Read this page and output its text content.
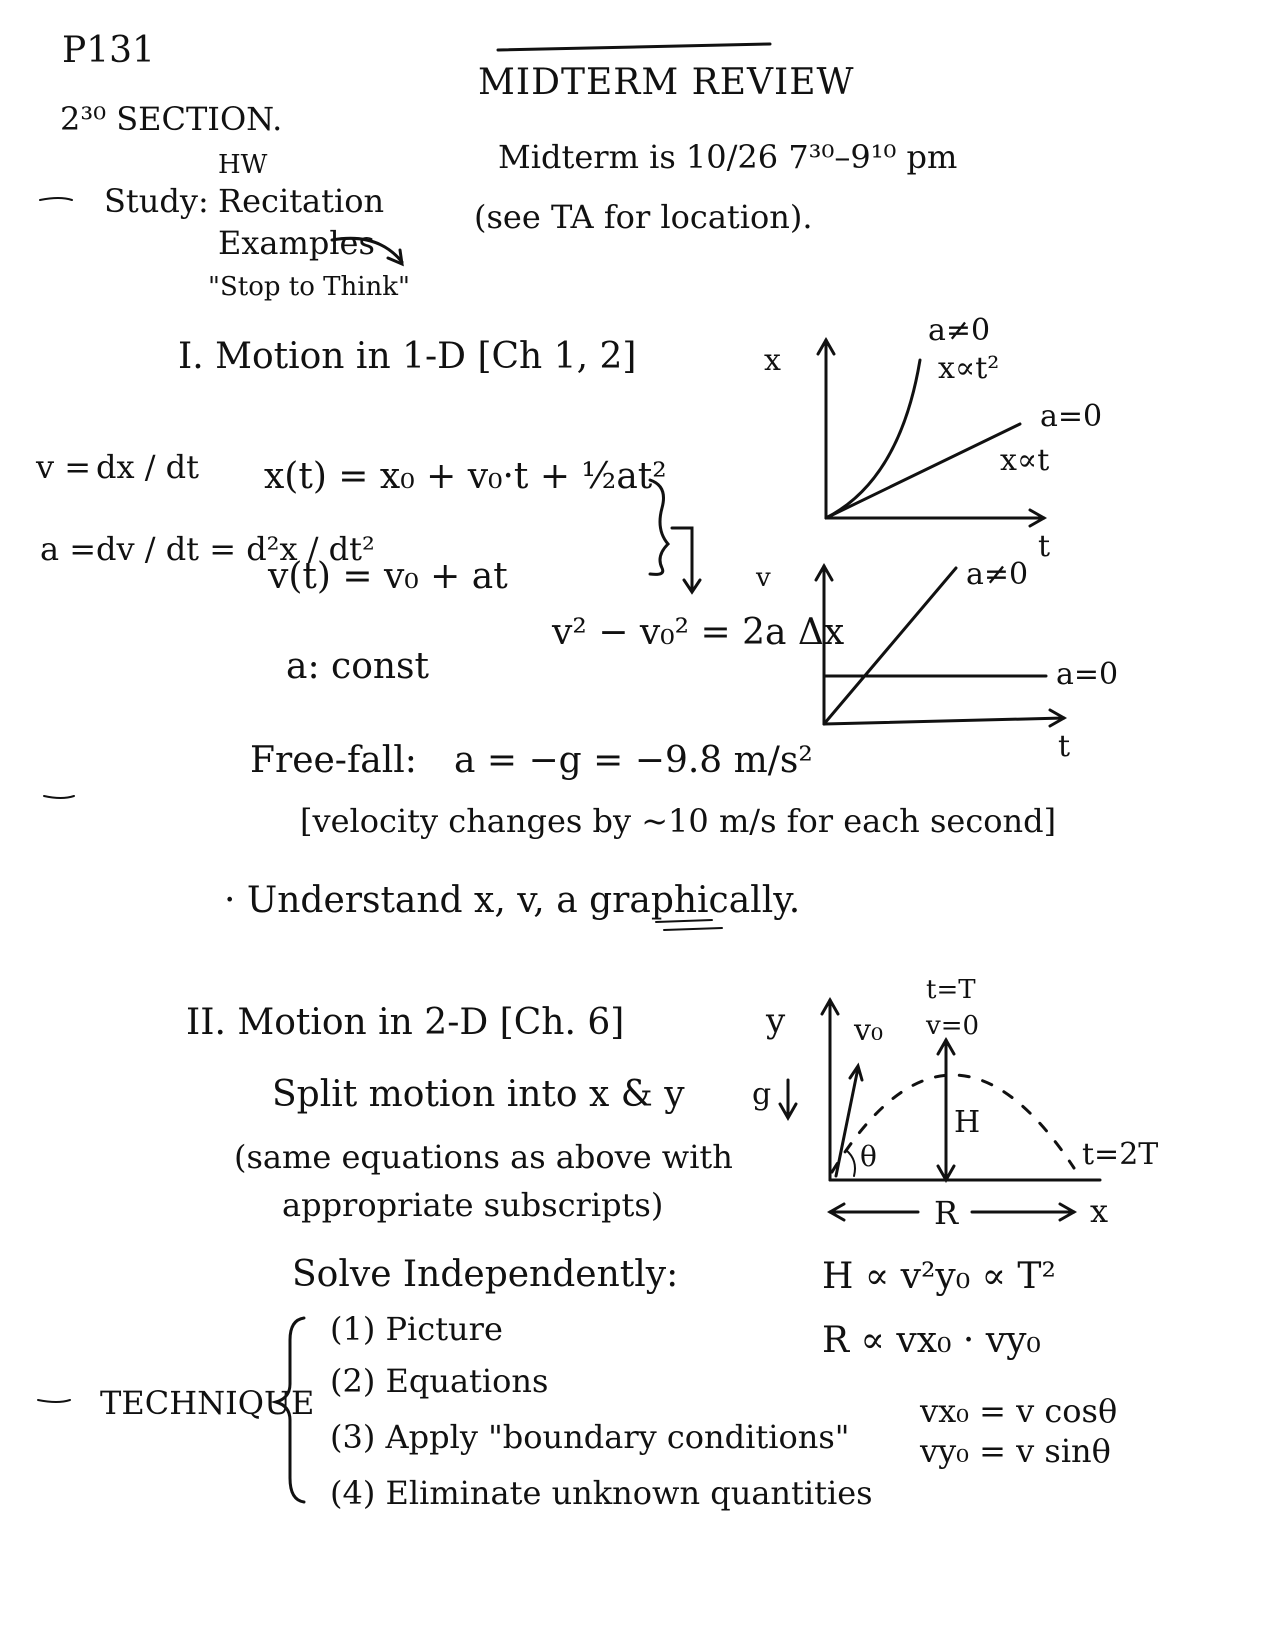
P131
2³⁰ SECTION.
MIDTERM REVIEW
Study:
HW
Recitation
Examples
"Stop to Think"
Midterm is 10/26 7³⁰–9¹⁰ pm
(see TA for location).
I. Motion in 1-D [Ch 1, 2]
v = dx / dt
a = dv / dt = d²x / dt²
x(t) = x₀ + v₀·t + ½at²
v(t) = v₀ + at
a: const
v² − v₀² = 2a Δx
Free-fall: a = −g = −9.8 m/s²
[velocity changes by ~10 m/s for each second]
· Understand x, v, a graphically.
II. Motion in 2-D [Ch. 6]
Split motion into x & y
(same equations as above with
appropriate subscripts)
Solve Independently:
TECHNIQUE
(1) Picture
(2) Equations
(3) Apply "boundary conditions"
(4) Eliminate unknown quantities
H ∝ v²y₀ ∝ T²
R ∝ vx₀ · vy₀
vx₀ = v cosθ
vy₀ = v sinθ
x
t
a≠0
x∝t²
a=0
x∝t
v
t
a≠0
a=0
y
g
v₀
θ
t=T
v=0
H
t=2T
R	x
